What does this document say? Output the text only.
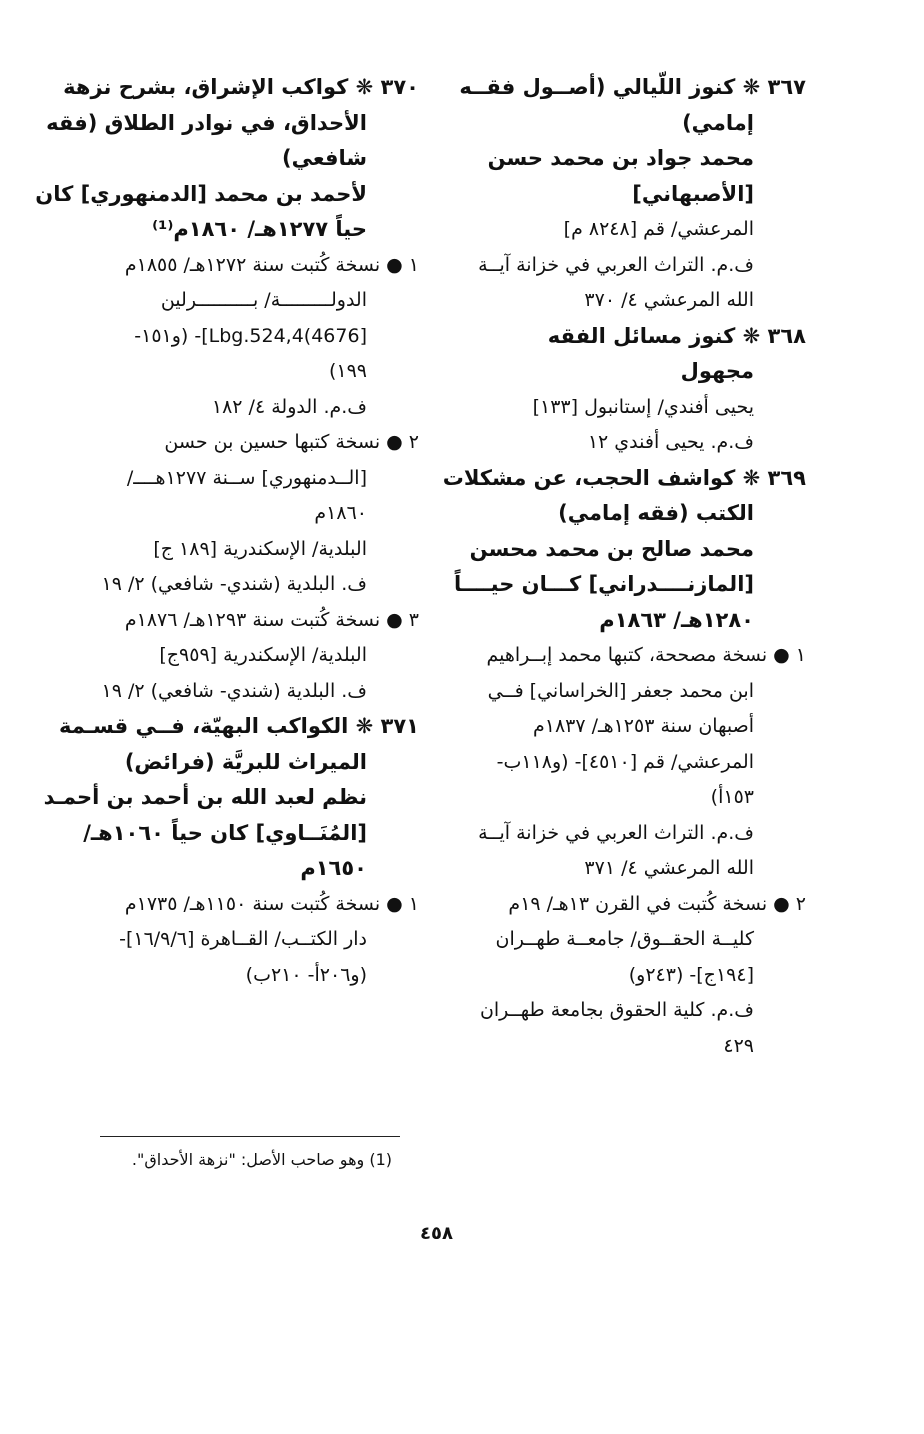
٣٦٧ ❋ كنوز اللّيالي (أصــول فقــه
إمامي)
محمد جواد بن محمد حسن
[الأصبهاني]
المرعشي/ قم [٨٢٤٨ م]
ف.م. التراث العربي في خزانة آيــة
الله المرعشي ٤/ ٣٧٠
٣٦٨ ❋ كنوز مسائل الفقه
مجهول
يحيى أفندي/ إستانبول [١٣٣]
ف.م. يحيى أفندي ١٢
٣٦٩ ❋ كواشف الحجب، عن مشكلات
الكتب (فقه إمامي)
محمد صالح بن محمد محسن
[المازنــــدراني] كـــان حيــــاً
١٢٨٠هـ/ ١٨٦٣م
١ ● نسخة مصححة، كتبها محمد إبــراهيم
ابن محمد جعفر [الخراساني] فــي
أصبهان سنة ١٢٥٣هـ/ ١٨٣٧م
المرعشي/ قم [٤٥١٠]- (و١١٨ب-
١٥٣أ)
ف.م. التراث العربي في خزانة آيــة
الله المرعشي ٤/ ٣٧١
٢ ● نسخة كُتبت في القرن ١٣هـ/ ١٩م
كليــة الحقــوق/ جامعــة طهــران
[١٩٤ج]- (٢٤٣و)
ف.م. كلية الحقوق بجامعة طهــران
٤٢٩
٣٧٠ ❋ كواكب الإشراق، بشرح نزهة
الأحداق، في نوادر الطلاق (فقه
شافعي)
لأحمد بن محمد [الدمنهوري] كان
حياً ١٢٧٧هـ/ ١٨٦٠م⁽¹⁾
١ ● نسخة كُتبت سنة ١٢٧٢هـ/ ١٨٥٥م
الدولـــــــــة/ بــــــــــرلين
[4676)Lbg.524,4]- (و١٥١-
١٩٩)
ف.م. الدولة ٤/ ١٨٢
٢ ● نسخة كتبها حسين بن حسن
[الــدمنهوري] ســنة ١٢٧٧هــــ/
١٨٦٠م
البلدية/ الإسكندرية [١٨٩ ج]
ف. البلدية (شندي- شافعي) ٢/ ١٩
٣ ● نسخة كُتبت سنة ١٢٩٣هـ/ ١٨٧٦م
البلدية/ الإسكندرية [٩٥٩ج]
ف. البلدية (شندي- شافعي) ٢/ ١٩
٣٧١ ❋ الكواكب البهيّة، فــي قسـمة
الميراث للبريَّة (فرائض)
نظم لعبد الله بن أحمد بن أحمـد
[المُنَــاوي] كان حياً ١٠٦٠هـ/
١٦٥٠م
١ ● نسخة كُتبت سنة ١١٥٠هـ/ ١٧٣٥م
دار الكتــب/ القــاهرة [١٦/٩/٦]-
(و٢٠٦أ- ٢١٠ب)
(1) وهو صاحب الأصل: "نزهة الأحداق".
٤٥٨
